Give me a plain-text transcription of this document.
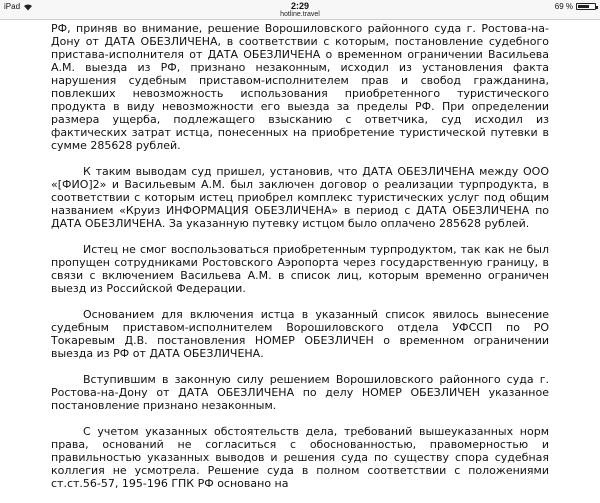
iPad	2:29
hotline.travel
69 %

РФ, приняв во внимание, решение Ворошиловского районного суда г. Ростова-на-Дону от ДАТА ОБЕЗЛИЧЕНА, в соответствии с которым, постановление судебного пристава-исполнителя от ДАТА ОБЕЗЛИЧЕНА о временном ограничении Васильева А.М. выезда из РФ, признано незаконным, исходил из установления факта нарушения судебным приставом-исполнителем прав и свобод гражданина, повлекших невозможность использования приобретенного туристического продукта в виду невозможности его выезда за пределы РФ. При определении размера ущерба, подлежащего взысканию с ответчика, суд исходил из фактических затрат истца, понесенных на приобретение туристической путевки в сумме 285628 рублей.

К таким выводам суд пришел, установив, что ДАТА ОБЕЗЛИЧЕНА между ООО «[ФИО]2» и Васильевым А.М. был заключен договор о реализации турпродукта, в соответствии с которым истец приобрел комплекс туристических услуг под общим названием «Круиз ИНФОРМАЦИЯ ОБЕЗЛИЧЕНА» в период с ДАТА ОБЕЗЛИЧЕНА по ДАТА ОБЕЗЛИЧЕНА. За указанную путевку истцом было оплачено 285628 рублей.

Истец не смог воспользоваться приобретенным турпродуктом, так как не был пропущен сотрудниками Ростовского Аэропорта через государственную границу, в связи с включением Васильева А.М. в список лиц, которым временно ограничен выезд из Российской Федерации.

Основанием для включения истца в указанный список явилось вынесение судебным приставом-исполнителем Ворошиловского отдела УФССП по РО Токаревым Д.В. постановления НОМЕР ОБЕЗЛИЧЕН о временном ограничении выезда из РФ от ДАТА ОБЕЗЛИЧЕНА.

Вступившим в законную силу решением Ворошиловского районного суда г. Ростова-на-Дону от ДАТА ОБЕЗЛИЧЕНА по делу НОМЕР ОБЕЗЛИЧЕН указанное постановление признано незаконным.

С учетом указанных обстоятельств дела, требований вышеуказанных норм права, оснований не согласиться с обоснованностью, правомерностью и правильностью указанных выводов и решения суда по существу спора судебная коллегия не усмотрела. Решение суда в полном соответствии с положениями ст.ст.56-57, 195-196 ГПК РФ основано на
